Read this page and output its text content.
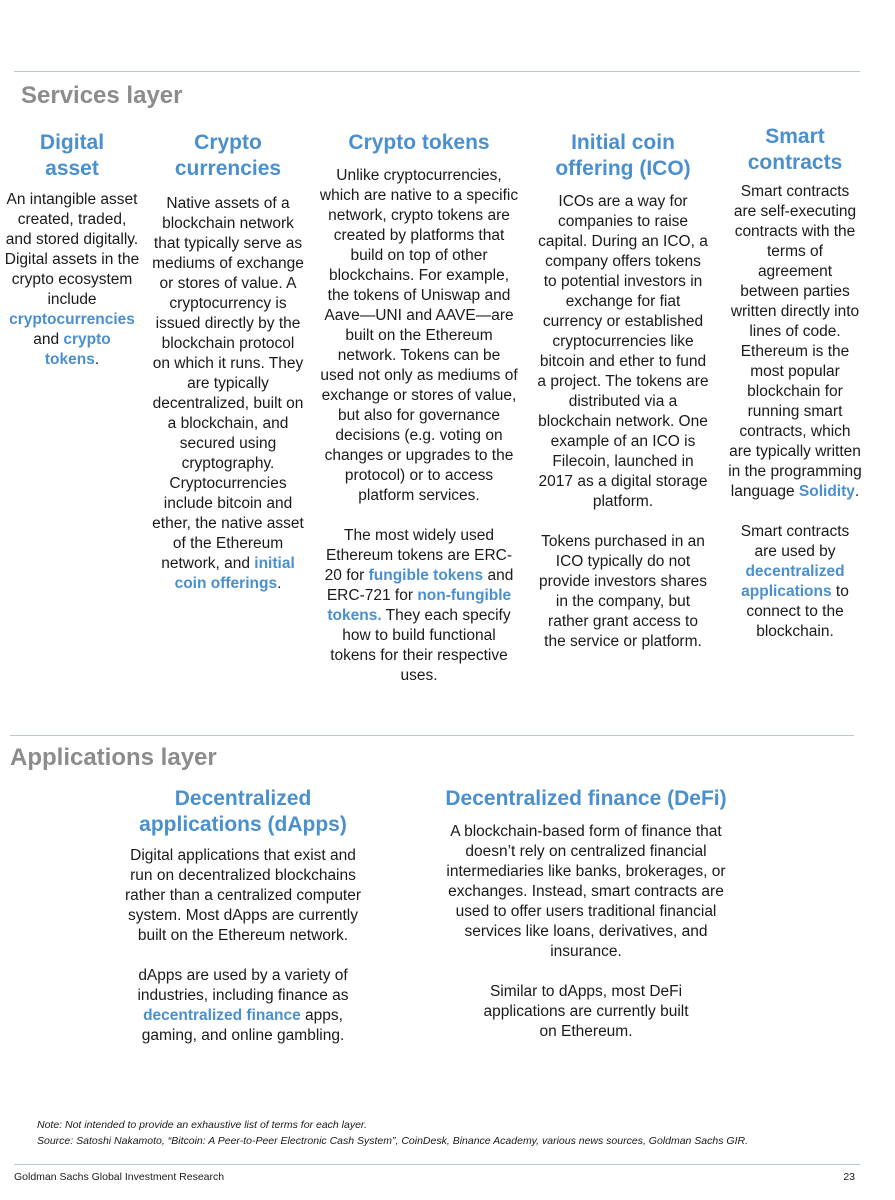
Services layer
Digital asset

An intangible asset created, traded, and stored digitally. Digital assets in the crypto ecosystem include cryptocurrencies and crypto tokens.

Crypto currencies

Native assets of a blockchain network that typically serve as mediums of exchange or stores of value. A cryptocurrency is issued directly by the blockchain protocol on which it runs. They are typically decentralized, built on a blockchain, and secured using cryptography. Cryptocurrencies include bitcoin and ether, the native asset of the Ethereum network, and initial coin offerings.

Crypto tokens

Unlike cryptocurrencies, which are native to a specific network, crypto tokens are created by platforms that build on top of other blockchains. For example, the tokens of Uniswap and Aave—UNI and AAVE—are built on the Ethereum network. Tokens can be used not only as mediums of exchange or stores of value, but also for governance decisions (e.g. voting on changes or upgrades to the protocol) or to access platform services.

The most widely used Ethereum tokens are ERC-20 for fungible tokens and ERC-721 for non-fungible tokens. They each specify how to build functional tokens for their respective uses.

Initial coin offering (ICO)

ICOs are a way for companies to raise capital. During an ICO, a company offers tokens to potential investors in exchange for fiat currency or established cryptocurrencies like bitcoin and ether to fund a project. The tokens are distributed via a blockchain network. One example of an ICO is Filecoin, launched in 2017 as a digital storage platform.

Tokens purchased in an ICO typically do not provide investors shares in the company, but rather grant access to the service or platform.

Smart contracts

Smart contracts are self-executing contracts with the terms of agreement between parties written directly into lines of code. Ethereum is the most popular blockchain for running smart contracts, which are typically written in the programming language Solidity.

Smart contracts are used by decentralized applications to connect to the blockchain.

Applications layer
Decentralized applications (dApps)

Digital applications that exist and run on decentralized blockchains rather than a centralized computer system. Most dApps are currently built on the Ethereum network.

dApps are used by a variety of industries, including finance as decentralized finance apps, gaming, and online gambling.

Decentralized finance (DeFi)

A blockchain-based form of finance that doesn’t rely on centralized financial intermediaries like banks, brokerages, or exchanges. Instead, smart contracts are used to offer users traditional financial services like loans, derivatives, and insurance.

Similar to dApps, most DeFi applications are currently built on Ethereum.

Note: Not intended to provide an exhaustive list of terms for each layer.
Source: Satoshi Nakamoto, “Bitcoin: A Peer-to-Peer Electronic Cash System”, CoinDesk, Binance Academy, various news sources, Goldman Sachs GIR.
Goldman Sachs Global Investment Research	23
